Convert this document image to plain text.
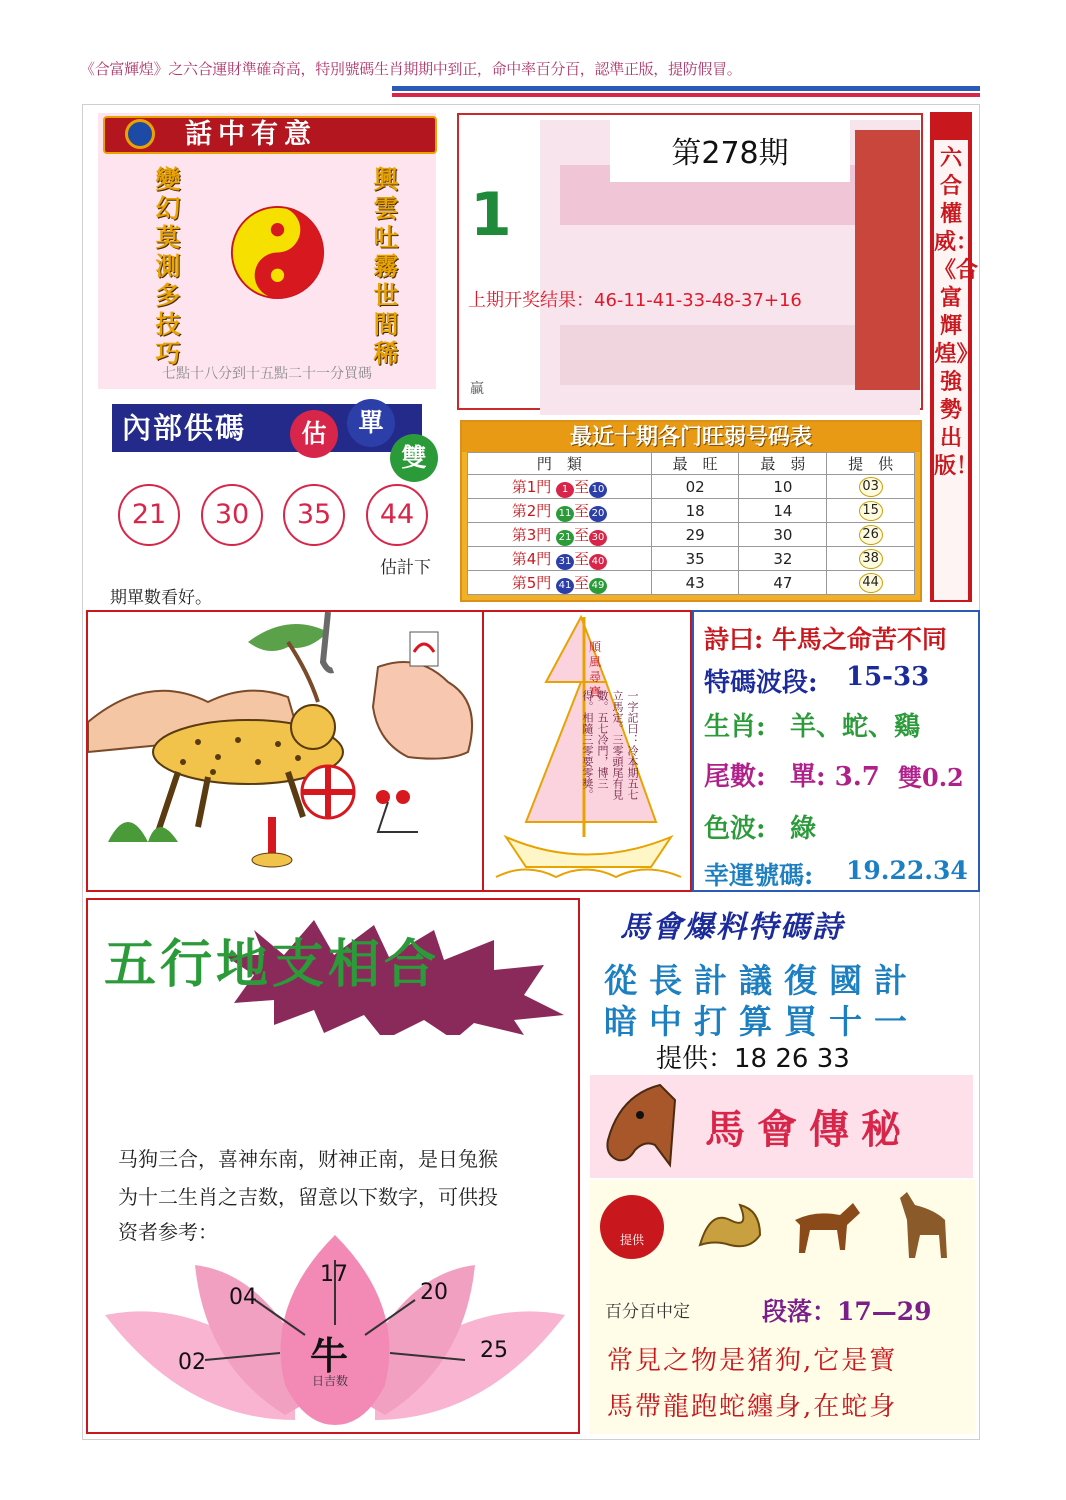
《合富輝煌》之六合運財準確奇高，特別號碼生肖期期中到正，命中率百分百，認準正版，提防假冒。
話中有意
變幻莫測多技巧
興雲吐霧世間稀
七點十八分到十五點二十一分買碼
內部供碼	估	單
雙
21	30	35	44
估計下
期單數看好。
1
第278期
上期开奖结果：46-11-41-33-48-37+16
贏
六合權威：《合富輝煌》強勢出版！
最近十期各门旺弱号码表
門　類	最　旺	最　弱	提　供
第1門 1 至 10	02	10	03
第2門 11 至 20	18	14	15
第3門 21 至 30	29	30	26
第4門 31 至 40	35	32	38
第5門 41 至 49	43	47	44
順風尋寶	一字記曰：冷本期五七立馬定。三零頭尾有見數。五七冷門，博三得。相隨三零要零獎。
詩曰: 牛馬之命苦不同
特碼波段: 15-33
生肖: 羊、蛇、鷄
尾數: 單: 3.7 雙0.2
色波: 綠
幸運號碼: 19.22.34
五行地支相合
马狗三合，喜神东南，财神正南，是日兔猴
为十二生肖之吉数，留意以下数字，可供投
资者参考：
17
04	20
02	25
牛
日吉数
馬會爆料特碼詩
從長計議復國計
暗中打算買十一
提供：18 26 33
馬會傳秘
提供
百分百中定	段落：17—29
常見之物是猪狗,它是寶
馬帶龍跑蛇纏身,在蛇身
